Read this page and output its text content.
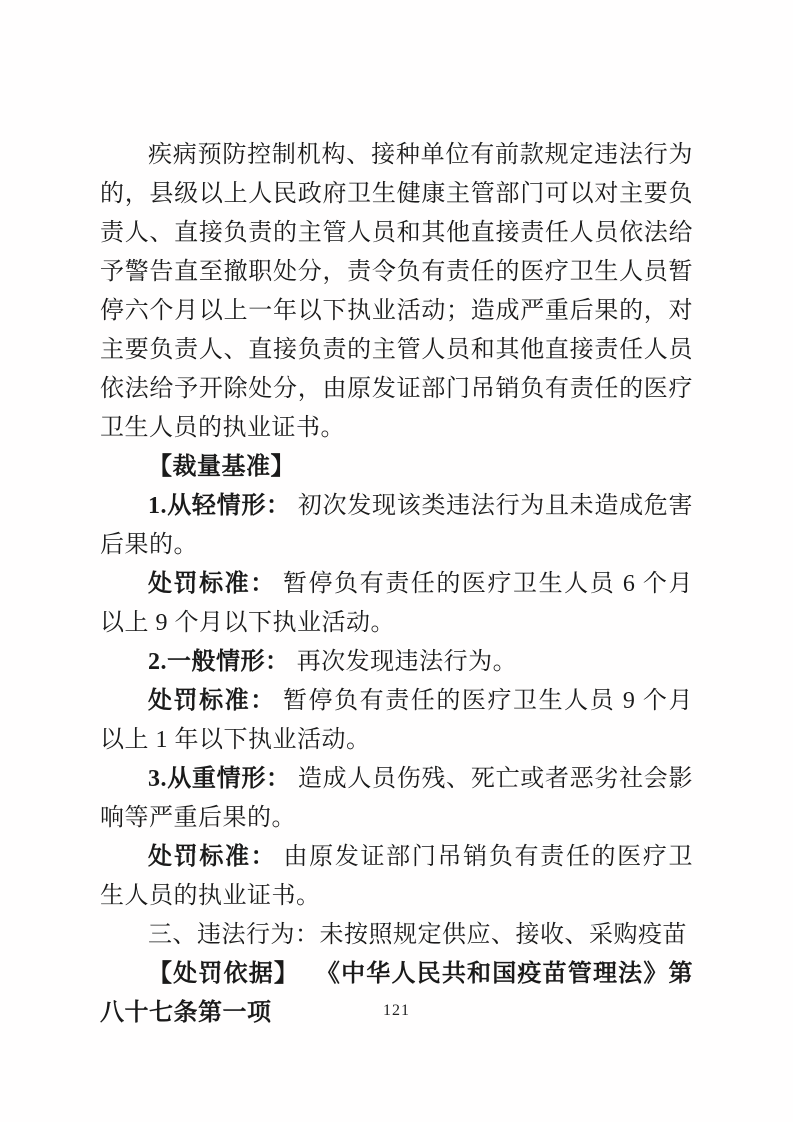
疾病预防控制机构、接种单位有前款规定违法行为的，县级以上人民政府卫生健康主管部门可以对主要负责人、直接负责的主管人员和其他直接责任人员依法给予警告直至撤职处分，责令负有责任的医疗卫生人员暂停六个月以上一年以下执业活动；造成严重后果的，对主要负责人、直接负责的主管人员和其他直接责任人员依法给予开除处分，由原发证部门吊销负有责任的医疗卫生人员的执业证书。

【裁量基准】

1.从轻情形： 初次发现该类违法行为且未造成危害后果的。

处罚标准： 暂停负有责任的医疗卫生人员 6 个月以上 9 个月以下执业活动。

2.一般情形： 再次发现违法行为。

处罚标准： 暂停负有责任的医疗卫生人员 9 个月以上 1 年以下执业活动。

3.从重情形： 造成人员伤残、死亡或者恶劣社会影响等严重后果的。

处罚标准： 由原发证部门吊销负有责任的医疗卫生人员的执业证书。

三、违法行为：未按照规定供应、接收、采购疫苗

【处罚依据】 《中华人民共和国疫苗管理法》第八十七条第一项	121
